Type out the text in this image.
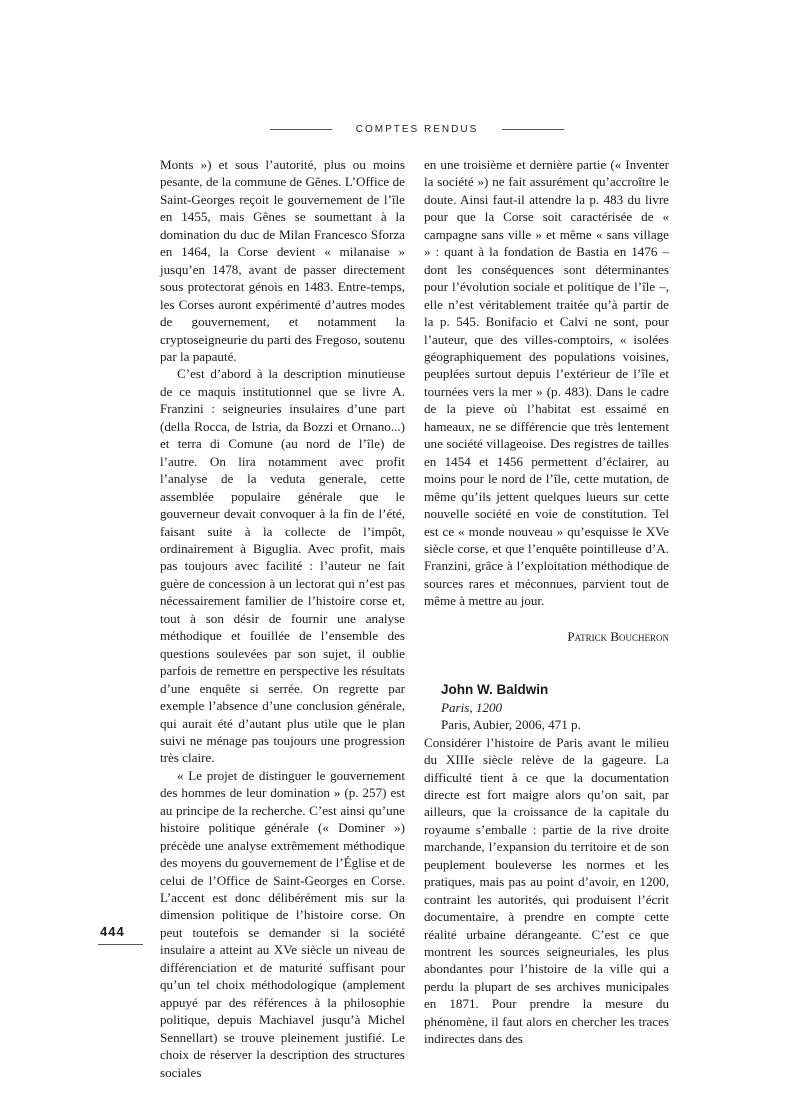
COMPTES RENDUS

Monts ») et sous l’autorité, plus ou moins pesante, de la commune de Gênes. L’Office de Saint-Georges reçoit le gouvernement de l’île en 1455, mais Gênes se soumettant à la domination du duc de Milan Francesco Sforza en 1464, la Corse devient « milanaise » jusqu’en 1478, avant de passer directement sous protectorat génois en 1483. Entre-temps, les Corses auront expérimenté d’autres modes de gouvernement, et notamment la cryptoseigneurie du parti des Fregoso, soutenu par la papauté.

C’est d’abord à la description minutieuse de ce maquis institutionnel que se livre A. Franzini : seigneuries insulaires d’une part (della Rocca, de Istria, da Bozzi et Ornano...) et terra di Comune (au nord de l’île) de l’autre. On lira notamment avec profit l’analyse de la veduta generale, cette assemblée populaire générale que le gouverneur devait convoquer à la fin de l’été, faisant suite à la collecte de l’impôt, ordinairement à Biguglia. Avec profit, mais pas toujours avec facilité : l’auteur ne fait guère de concession à un lectorat qui n’est pas nécessairement familier de l’histoire corse et, tout à son désir de fournir une analyse méthodique et fouillée de l’ensemble des questions soulevées par son sujet, il oublie parfois de remettre en perspective les résultats d’une enquête si serrée. On regrette par exemple l’absence d’une conclusion générale, qui aurait été d’autant plus utile que le plan suivi ne ménage pas toujours une progression très claire.

« Le projet de distinguer le gouvernement des hommes de leur domination » (p. 257) est au principe de la recherche. C’est ainsi qu’une histoire politique générale (« Dominer ») précède une analyse extrêmement méthodique des moyens du gouvernement de l’Église et de celui de l’Office de Saint-Georges en Corse. L’accent est donc délibérément mis sur la dimension politique de l’histoire corse. On peut toutefois se demander si la société insulaire a atteint au XVe siècle un niveau de différenciation et de maturité suffisant pour qu’un tel choix méthodologique (amplement appuyé par des références à la philosophie politique, depuis Machiavel jusqu’à Michel Sennellart) se trouve pleinement justifié. Le choix de réserver la description des structures sociales

en une troisième et dernière partie (« Inventer la société ») ne fait assurément qu’accroître le doute. Ainsi faut-il attendre la p. 483 du livre pour que la Corse soit caractérisée de « campagne sans ville » et même « sans village » : quant à la fondation de Bastia en 1476 – dont les conséquences sont déterminantes pour l’évolution sociale et politique de l’île –, elle n’est véritablement traitée qu’à partir de la p. 545. Bonifacio et Calvi ne sont, pour l’auteur, que des villes-comptoirs, « isolées géographiquement des populations voisines, peuplées surtout depuis l’extérieur de l’île et tournées vers la mer » (p. 483). Dans le cadre de la pieve où l’habitat est essaimé en hameaux, ne se différencie que très lentement une société villageoise. Des registres de tailles en 1454 et 1456 permettent d’éclairer, au moins pour le nord de l’île, cette mutation, de même qu’ils jettent quelques lueurs sur cette nouvelle société en voie de constitution. Tel est ce « monde nouveau » qu’esquisse le XVe siècle corse, et que l’enquête pointilleuse d’A. Franzini, grâce à l’exploitation méthodique de sources rares et méconnues, parvient tout de même à mettre au jour.

Patrick Boucheron
John W. Baldwin
Paris, 1200
Paris, Aubier, 2006, 471 p.

Considérer l’histoire de Paris avant le milieu du XIIIe siècle relève de la gageure. La difficulté tient à ce que la documentation directe est fort maigre alors qu’on sait, par ailleurs, que la croissance de la capitale du royaume s’emballe : partie de la rive droite marchande, l’expansion du territoire et de son peuplement bouleverse les normes et les pratiques, mais pas au point d’avoir, en 1200, contraint les autorités, qui produisent l’écrit documentaire, à prendre en compte cette réalité urbaine dérangeante. C’est ce que montrent les sources seigneuriales, les plus abondantes pour l’histoire de la ville qui a perdu la plupart de ses archives municipales en 1871. Pour prendre la mesure du phénomène, il faut alors en chercher les traces indirectes dans des

444
